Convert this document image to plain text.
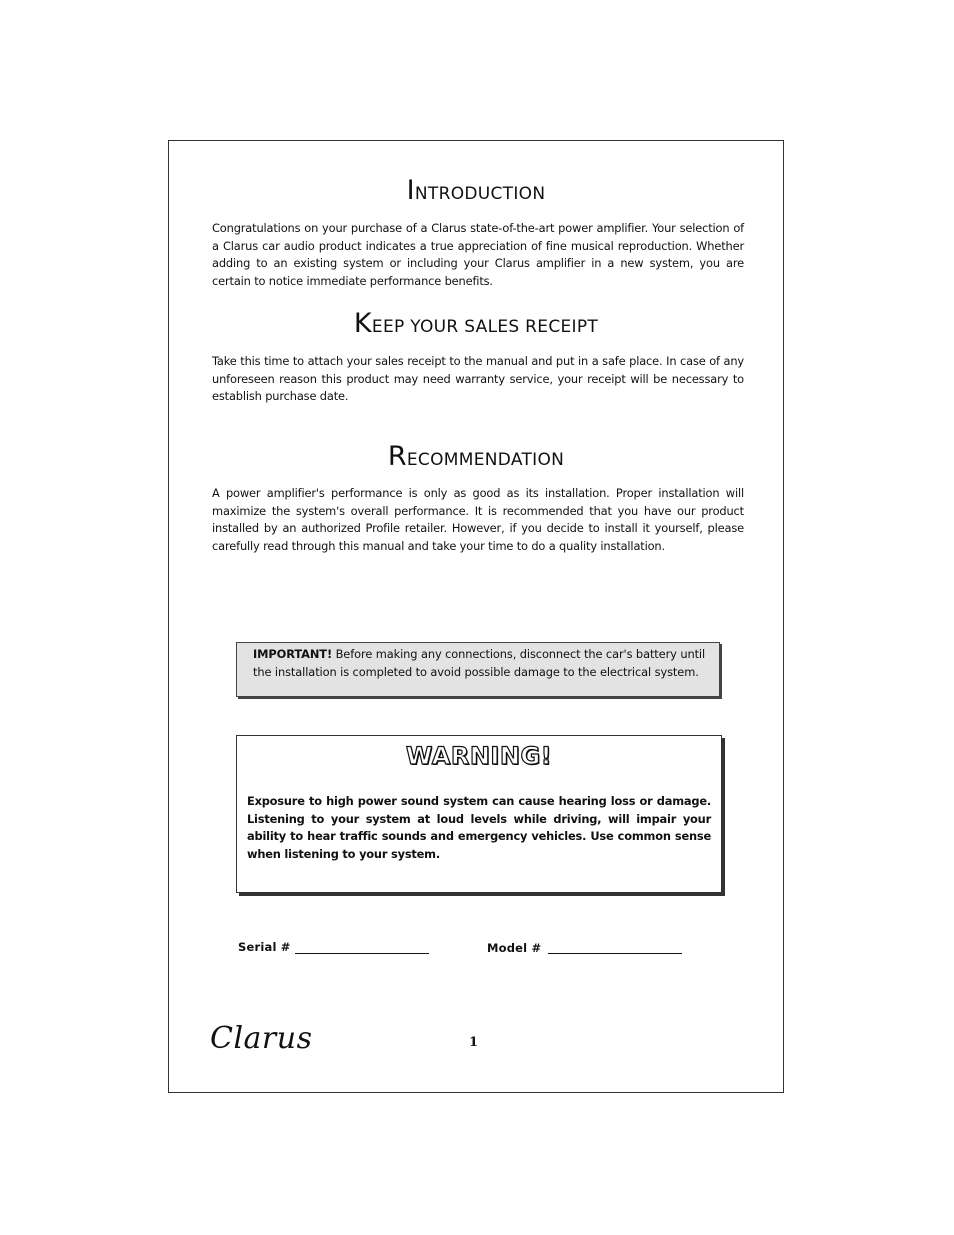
INTRODUCTION

Congratulations on your purchase of a Clarus state-of-the-art power amplifier. Your selection of a Clarus car audio product indicates a true appreciation of fine musical reproduction. Whether adding to an existing system or including your Clarus amplifier in a new system, you are certain to notice immediate performance benefits.

KEEP YOUR SALES RECEIPT

Take this time to attach your sales receipt to the manual and put in a safe place. In case of any unforeseen reason this product may need warranty service, your receipt will be necessary to establish purchase date.

RECOMMENDATION

A power amplifier's performance is only as good as its installation. Proper installation will maximize the system's overall performance. It is recommended that you have our product installed by an authorized Profile retailer. However, if you decide to install it yourself, please carefully read through this manual and take your time to do a quality installation.

IMPORTANT! Before making any connections, disconnect the car's battery until the installation is completed to avoid possible damage to the electrical system.

WARNING!

Exposure to high power sound system can cause hearing loss or damage. Listening to your system at loud levels while driving, will impair your ability to hear traffic sounds and emergency vehicles. Use common sense when listening to your system.

Serial #	Model #
Clarus	1
